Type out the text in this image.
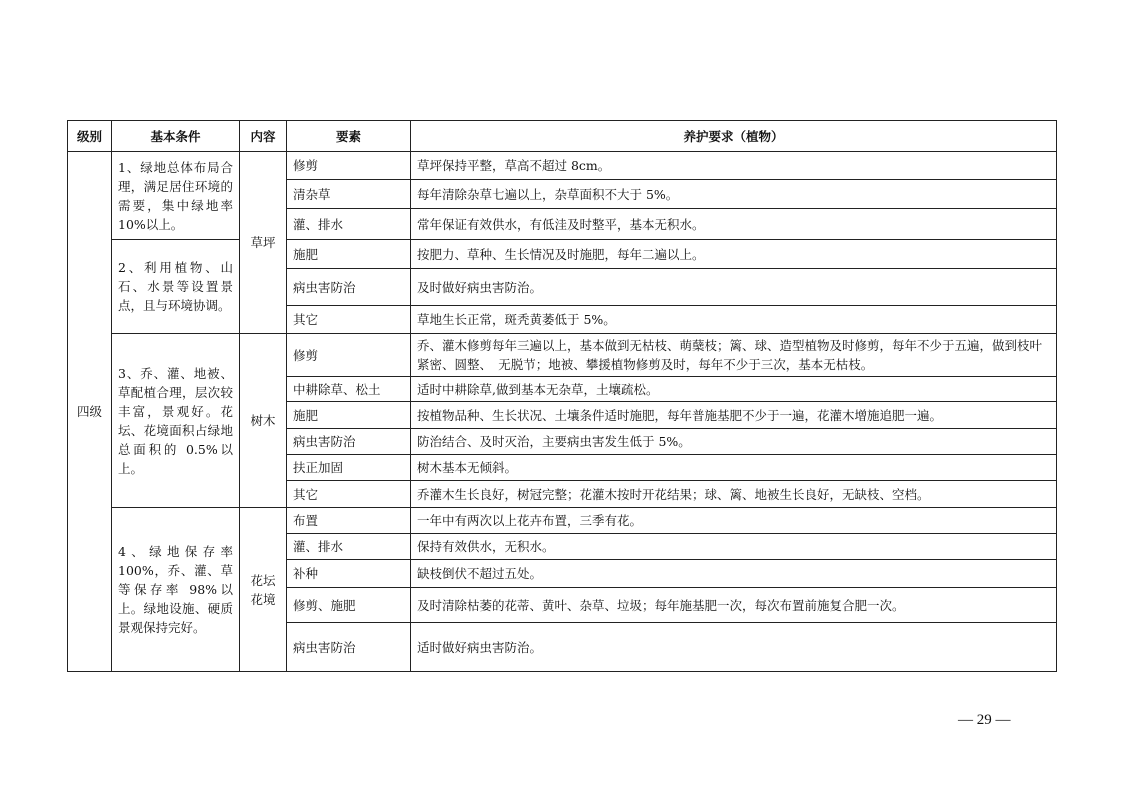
级别	基本条件	内容	要素	养护要求（植物）
四级	1、绿地总体布局合理，满足居住环境的需要，集中绿地率 10%以上。	草坪	修剪	草坪保持平整，草高不超过 8cm。
			清杂草	每年清除杂草七遍以上，杂草面积不大于 5%。
			灌、排水	常年保证有效供水，有低洼及时整平，基本无积水。
	2、利用植物、山石、水景等设置景点，且与环境协调。		施肥	按肥力、草种、生长情况及时施肥，每年二遍以上。
			病虫害防治	及时做好病虫害防治。
			其它	草地生长正常，斑秃黄萎低于 5%。
	3、乔、灌、地被、草配植合理，层次较丰富，景观好。花坛、花境面积占绿地总面积的 0.5%以上。	树木	修剪	乔、灌木修剪每年三遍以上，基本做到无枯枝、萌蘖枝；篱、球、造型植物及时修剪，每年不少于五遍，做到枝叶紧密、圆整、　无脱节；地被、攀援植物修剪及时，每年不少于三次，基本无枯枝。
			中耕除草、松土	适时中耕除草,做到基本无杂草，土壤疏松。
			施肥	按植物品种、生长状况、土壤条件适时施肥，每年普施基肥不少于一遍，花灌木增施追肥一遍。
			病虫害防治	防治结合、及时灭治，主要病虫害发生低于 5%。
			扶正加固	树木基本无倾斜。
			其它	乔灌木生长良好，树冠完整；花灌木按时开花结果；球、篱、地被生长良好，无缺枝、空档。
	4、绿地保存率 100%，乔、灌、草等保存率 98%以上。绿地设施、硬质景观保持完好。	花坛花境	布置	一年中有两次以上花卉布置，三季有花。
			灌、排水	保持有效供水，无积水。
			补种	缺枝倒伏不超过五处。
			修剪、施肥	及时清除枯萎的花蒂、黄叶、杂草、垃圾；每年施基肥一次，每次布置前施复合肥一次。
			病虫害防治	适时做好病虫害防治。
— 29 —
